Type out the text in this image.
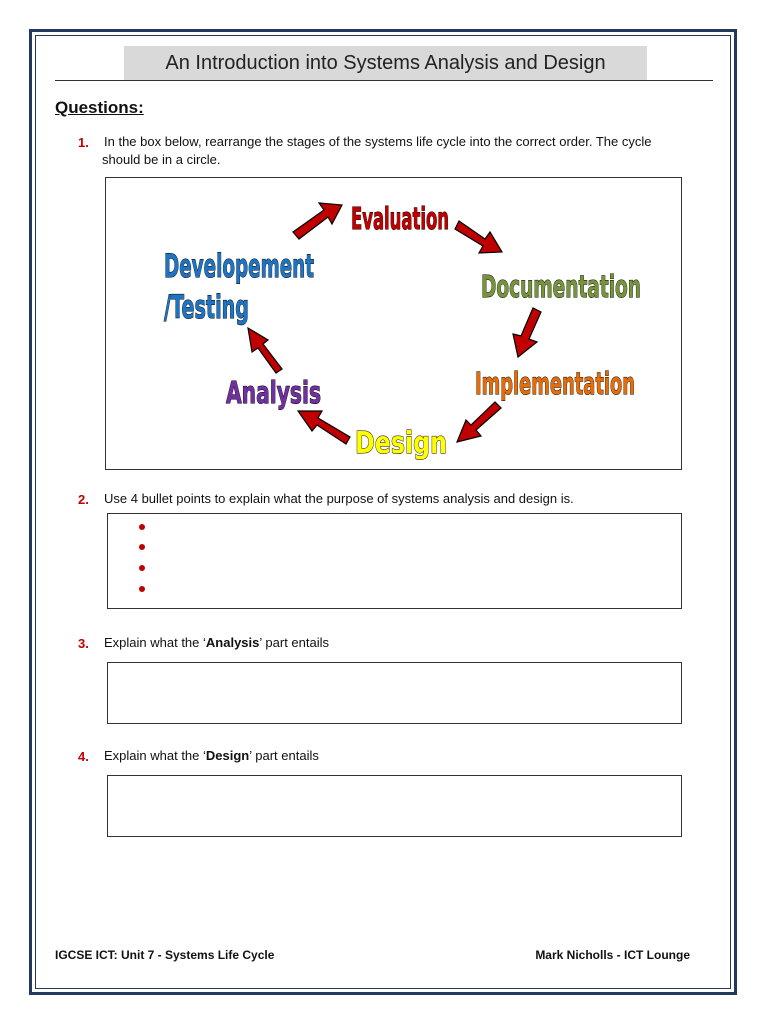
An Introduction into Systems Analysis and Design
Questions:
1. In the box below, rearrange the stages of the systems life cycle into the correct order. The cycle
should be in a circle.
Evaluation
Documentation
Implementation
Design
Analysis
Developement
/Testing
2. Use 4 bullet points to explain what the purpose of systems analysis and design is.
3. Explain what the ‘Analysis’ part entails
4. Explain what the ‘Design’ part entails
IGCSE ICT: Unit 7 - Systems Life Cycle	Mark Nicholls - ICT Lounge
